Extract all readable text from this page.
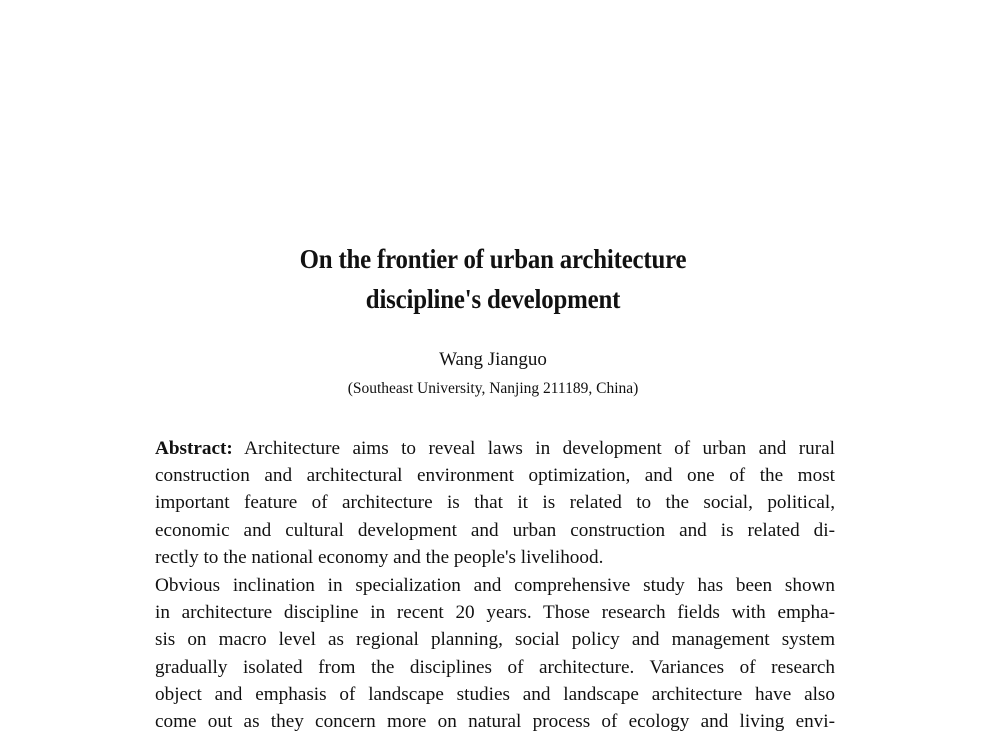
On the frontier of urban architecture
discipline's development
Wang Jianguo
(Southeast University, Nanjing 211189, China)
Abstract: Architecture aims to reveal laws in development of urban and rural
construction and architectural environment optimization, and one of the most
important feature of architecture is that it is related to the social, political,
economic and cultural development and urban construction and is related di-
rectly to the national economy and the people's livelihood.
Obvious inclination in specialization and comprehensive study has been shown
in architecture discipline in recent 20 years. Those research fields with empha-
sis on macro level as regional planning, social policy and management system
gradually isolated from the disciplines of architecture. Variances of research
object and emphasis of landscape studies and landscape architecture have also
come out as they concern more on natural process of ecology and living envi-
